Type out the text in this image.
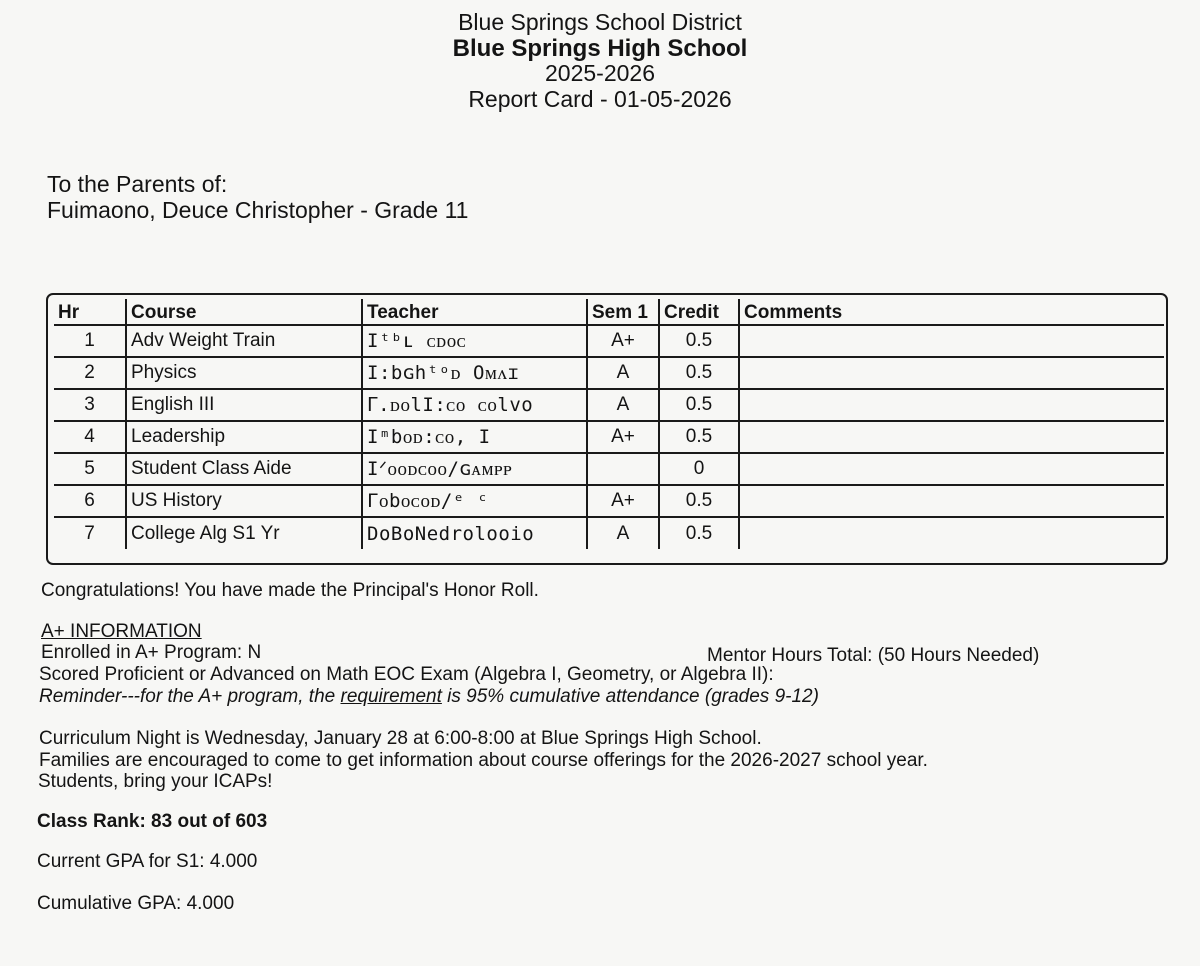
Blue Springs School District
Blue Springs High School
2025-2026
Report Card - 01-05-2026
To the Parents of:
Fuimaono, Deuce Christopher - Grade 11
Hr	Course	Teacher	Sem 1	Credit	Comments
1	Adv Weight Train	Iᵗᵇʟ ᴄᴅᴏᴄ	A+	0.5	
2	Physics	I:bɢhᵗᵒᴅ Oᴍᴧɪ	A	0.5	
3	English III	ᒥ.ᴅᴏlI:ᴄᴏ ᴄᴏlvo	A	0.5	
4	Leadership	Iᵐbᴏᴅ:ᴄᴏ, I	A+	0.5	
5	Student Class Aide	Iᐟᴏᴏᴅᴄᴏᴏ/ɢᴀᴍᴘᴘ		0	
6	US History	Γᴏbᴏᴄᴏᴅ/ᵉ ᶜ	A+	0.5	
7	College Alg S1 Yr	DoBoNedrolooio	A	0.5	
Congratulations! You have made the Principal's Honor Roll.
A+ INFORMATION
Enrolled in A+ Program: N	Mentor Hours Total: (50 Hours Needed)
Scored Proficient or Advanced on Math EOC Exam (Algebra I, Geometry, or Algebra II):
Reminder---for the A+ program, the requirement is 95% cumulative attendance (grades 9-12)
Curriculum Night is Wednesday, January 28 at 6:00-8:00 at Blue Springs High School.
Families are encouraged to come to get information about course offerings for the 2026-2027 school year.
Students, bring your ICAPs!
Class Rank: 83 out of 603
Current GPA for S1: 4.000
Cumulative GPA: 4.000
